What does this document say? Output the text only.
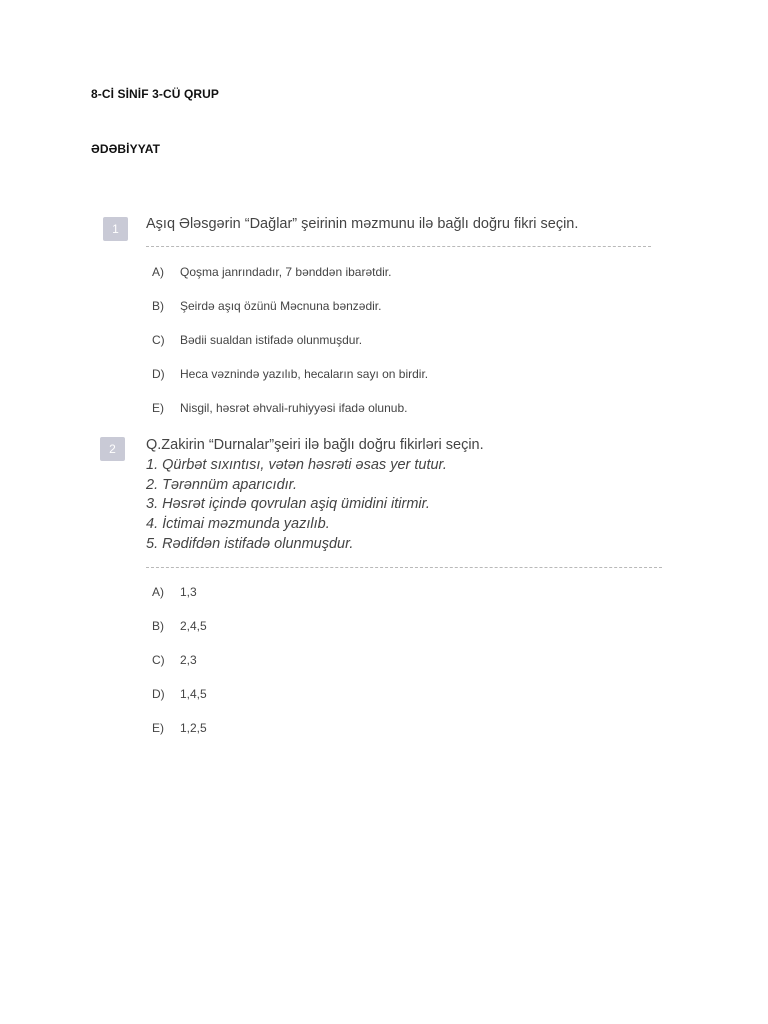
8-Cİ SİNİF 3-CÜ QRUP
ƏDƏBİYYAT
1	Aşıq Ələsgərin “Dağlar” şeirinin məzmunu ilə bağlı doğru fikri seçin.
A) Qoşma janrındadır, 7 bənddən ibarətdir.
B) Şeirdə aşıq özünü Məcnuna bənzədir.
C) Bədii sualdan istifadə olunmuşdur.
D) Heca vəznində yazılıb, hecaların sayı on birdir.
E) Nisgil, həsrət əhvali-ruhiyyəsi ifadə olunub.
2	Q.Zakirin “Durnalar”şeiri ilə bağlı doğru fikirləri seçin.
1. Qürbət sıxıntısı, vətən həsrəti əsas yer tutur.
2. Tərənnüm aparıcıdır.
3. Həsrət içində qovrulan aşiq ümidini itirmir.
4. İctimai məzmunda yazılıb.
5. Rədifdən istifadə olunmuşdur.
A) 1,3
B) 2,4,5
C) 2,3
D) 1,4,5
E) 1,2,5
